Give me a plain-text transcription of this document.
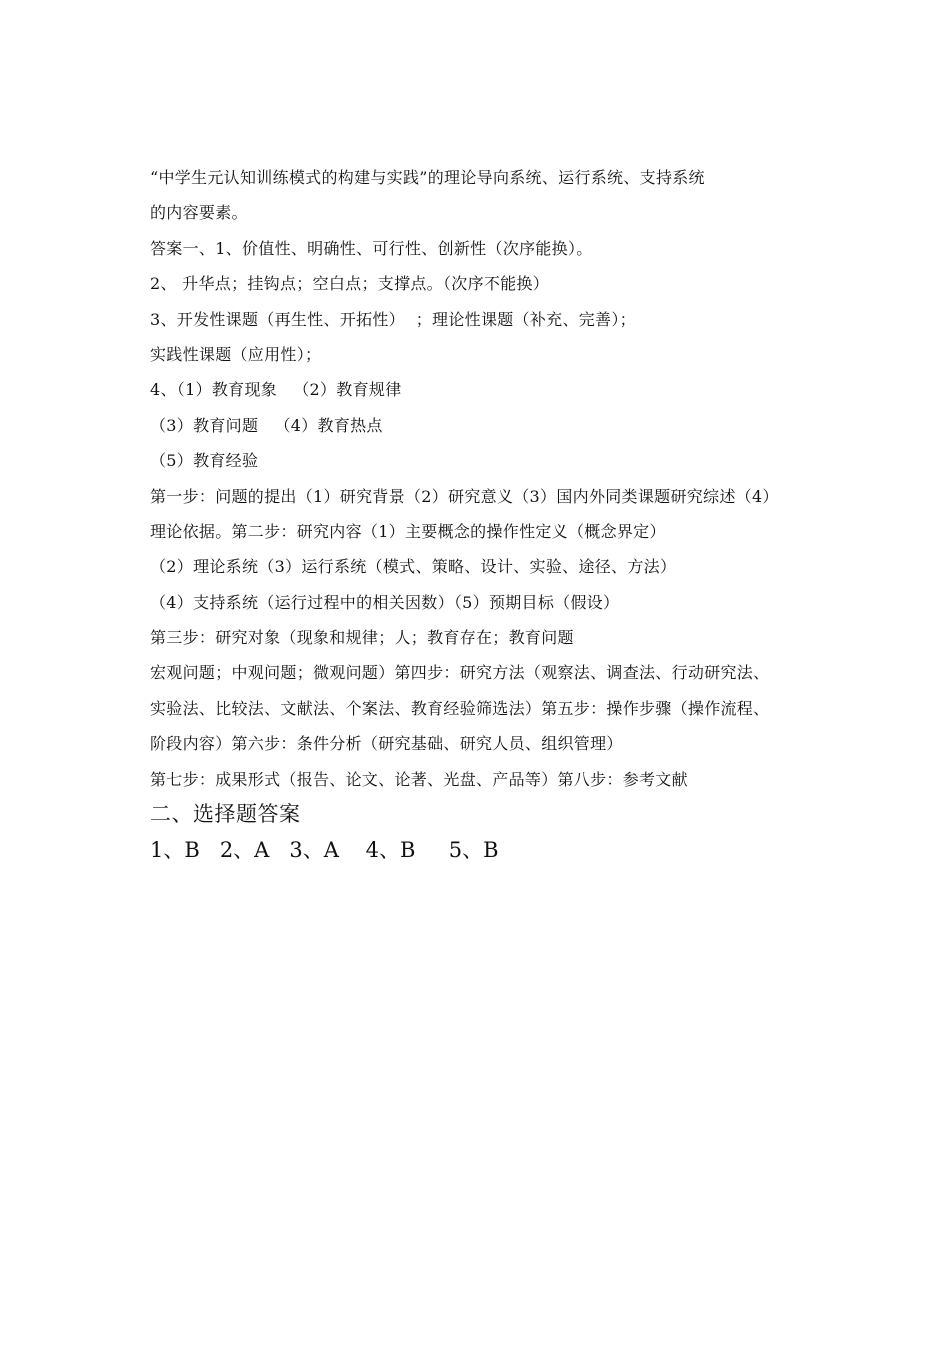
“中学生元认知训练模式的构建与实践”的理论导向系统、运行系统、支持系统
的内容要素。
答案一、1、价值性、明确性、可行性、创新性（次序能换）。
2、 升华点；挂钩点；空白点；支撑点。（次序不能换）
3、开发性课题（再生性、开拓性）  ；理论性课题（补充、完善）；
实践性课题（应用性）；
4、（1）教育现象   （2）教育规律
（3）教育问题   （4）教育热点
（5）教育经验
第一步：问题的提出（1）研究背景（2）研究意义（3）国内外同类课题研究综述（4）
理论依据。第二步：研究内容（1）主要概念的操作性定义（概念界定）
（2）理论系统（3）运行系统（模式、策略、设计、实验、途径、方法）
（4）支持系统（运行过程中的相关因数）（5）预期目标（假设）
第三步：研究对象（现象和规律；人；教育存在；教育问题
宏观问题；中观问题；微观问题）第四步：研究方法（观察法、调查法、行动研究法、
实验法、比较法、文献法、个案法、教育经验筛选法）第五步：操作步骤（操作流程、
阶段内容）第六步：条件分析（研究基础、研究人员、组织管理）
第七步：成果形式（报告、论文、论著、光盘、产品等）第八步：参考文献
二、选择题答案
1、B   2、A   3、A    4、B     5、B
